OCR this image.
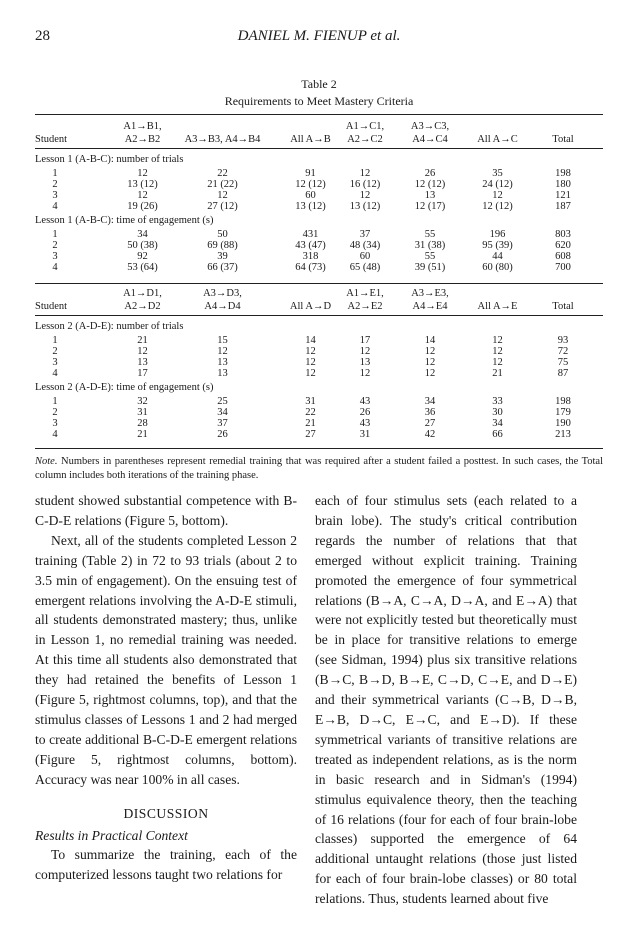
28	DANIEL M. FIENUP et al.
Table 2
Requirements to Meet Mastery Criteria
A1→B1,	A1→C1,	A3→C3,
Student	A2→B2	A3→B3, A4→B4	All A→B	A2→C2	A4→C4	All A→C	Total
Lesson 1 (A-B-C): number of trials
1	12	22	91	12	26	35	198
2	13 (12)	21 (22)	12 (12)	16 (12)	12 (12)	24 (12)	180
3	12	12	60	12	13	12	121
4	19 (26)	27 (12)	13 (12)	13 (12)	12 (17)	12 (12)	187
Lesson 1 (A-B-C): time of engagement (s)
1	34	50	431	37	55	196	803
2	50 (38)	69 (88)	43 (47)	48 (34)	31 (38)	95 (39)	620
3	92	39	318	60	55	44	608
4	53 (64)	66 (37)	64 (73)	65 (48)	39 (51)	60 (80)	700
A1→D1,	A3→D3,	A1→E1,	A3→E3,
Student	A2→D2	A4→D4	All A→D	A2→E2	A4→E4	All A→E	Total
Lesson 2 (A-D-E): number of trials
1	21	15	14	17	14	12	93
2	12	12	12	12	12	12	72
3	13	13	12	13	12	12	75
4	17	13	12	12	12	21	87
Lesson 2 (A-D-E): time of engagement (s)
1	32	25	31	43	34	33	198
2	31	34	22	26	36	30	179
3	28	37	21	43	27	34	190
4	21	26	27	31	42	66	213
Note. Numbers in parentheses represent remedial training that was required after a student failed a posttest. In such cases, the Total column includes both iterations of the training phase.

student showed substantial competence with B-C-D-E relations (Figure 5, bottom).

Next, all of the students completed Lesson 2 training (Table 2) in 72 to 93 trials (about 2 to 3.5 min of engagement). On the ensuing test of emergent relations involving the A-D-E stimuli, all students demonstrated mastery; thus, unlike in Lesson 1, no remedial training was needed. At this time all students also demonstrated that they had retained the benefits of Lesson 1 (Figure 5, rightmost columns, top), and that the stimulus classes of Lessons 1 and 2 had merged to create additional B-C-D-E emergent relations (Figure 5, rightmost columns, bottom). Accuracy was near 100% in all cases.

DISCUSSION

Results in Practical Context

To summarize the training, each of the computerized lessons taught two relations for

each of four stimulus sets (each related to a brain lobe). The study's critical contribution regards the number of relations that that emerged without explicit training. Training promoted the emergence of four symmetrical relations (B→A, C→A, D→A, and E→A) that were not explicitly tested but theoretically must be in place for transitive relations to emerge (see Sidman, 1994) plus six transitive relations (B→C, B→D, B→E, C→D, C→E, and D→E) and their symmetrical variants (C→B, D→B, E→B, D→C, E→C, and E→D). If these symmetrical variants of transitive relations are treated as independent relations, as is the norm in basic research and in Sidman's (1994) stimulus equivalence theory, then the teaching of 16 relations (four for each of four brain-lobe classes) supported the emergence of 64 additional untaught relations (those just listed for each of four brain-lobe classes) or 80 total relations. Thus, students learned about five
